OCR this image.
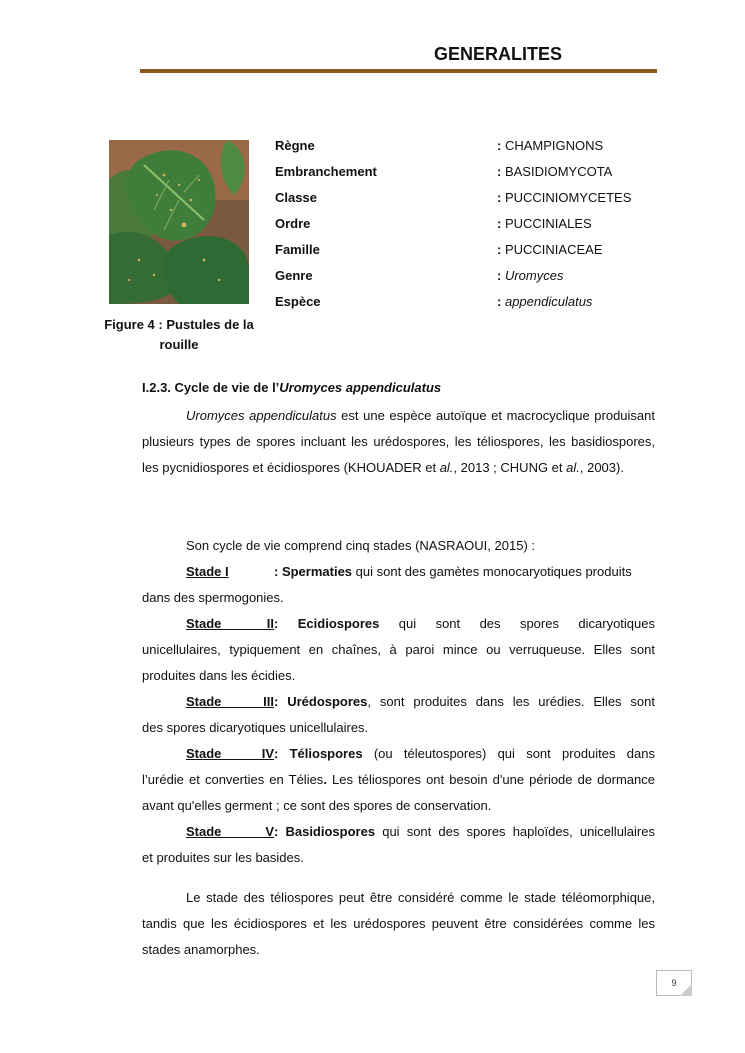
GENERALITES
Figure 4 : Pustules de la rouille
Règne	: CHAMPIGNONS
Embranchement	: BASIDIOMYCOTA
Classe	: PUCCINIOMYCETES
Ordre	: PUCCINIALES
Famille	: PUCCINIACEAE
Genre	: Uromyces
Espèce	: appendiculatus
I.2.3. Cycle de vie de l’Uromyces appendiculatus
Uromyces appendiculatus est une espèce autoïque et macrocyclique produisant plusieurs types de spores incluant les urédospores, les téliospores, les basidiospores, les pycnidiospores et écidiospores (KHOUADER et al., 2013 ; CHUNG et al., 2003).
Son cycle de vie comprend cinq stades (NASRAOUI, 2015) :
Stade I	: Spermaties qui sont des gamètes monocaryotiques produits
dans des spermogonies.
Stade II: Ecidiospores qui sont des spores dicaryotiques
unicellulaires, typiquement en chaînes, à paroi mince ou verruqueuse. Elles sont produites dans les écidies.
Stade III: Urédospores, sont produites dans les urédies. Elles sont
des spores dicaryotiques unicellulaires.
Stade IV: Téliospores (ou téleutospores) qui sont produites dans
l’urédie et converties en Télies. Les téliospores ont besoin d'une période de dormance avant qu'elles germent ; ce sont des spores de conservation.
Stade V: Basidiospores qui sont des spores haploïdes, unicellulaires
et produites sur les basides.
Le stade des téliospores peut être considéré comme le stade téléomorphique, tandis que les écidiospores et les urédospores peuvent être considérées comme les stades anamorphes.
9
